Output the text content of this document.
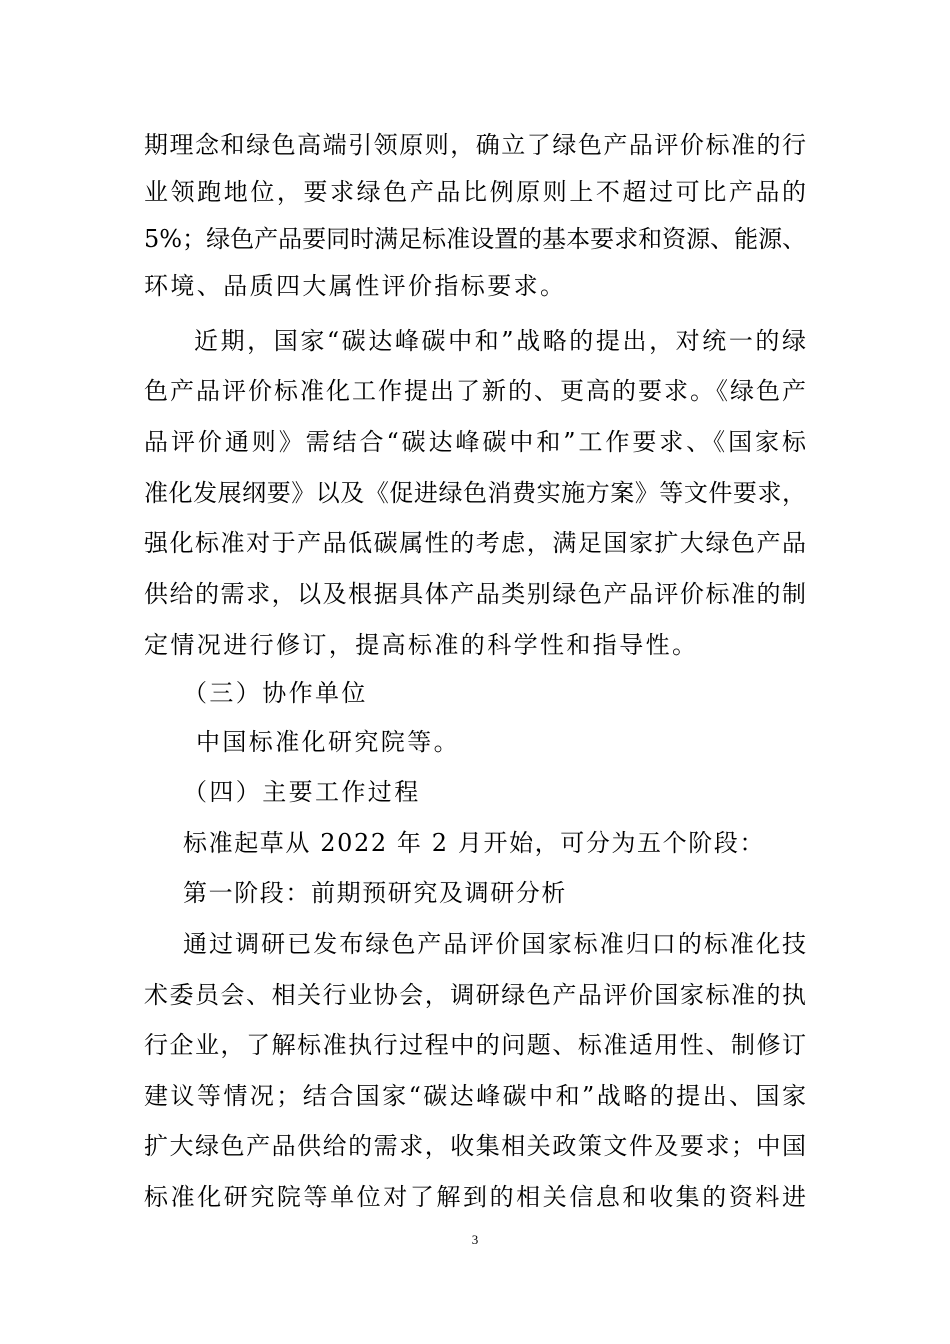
期理念和绿色高端引领原则，确立了绿色产品评价标准的行
业领跑地位，要求绿色产品比例原则上不超过可比产品的
5%；绿色产品要同时满足标准设置的基本要求和资源、能源、
环境、品质四大属性评价指标要求。
近期，国家“碳达峰碳中和”战略的提出，对统一的绿
色产品评价标准化工作提出了新的、更高的要求。《绿色产
品评价通则》需结合“碳达峰碳中和”工作要求、《国家标
准化发展纲要》以及《促进绿色消费实施方案》等文件要求，
强化标准对于产品低碳属性的考虑，满足国家扩大绿色产品
供给的需求，以及根据具体产品类别绿色产品评价标准的制
定情况进行修订，提高标准的科学性和指导性。
（三）协作单位
中国标准化研究院等。
（四）主要工作过程
标准起草从 2022 年 2 月开始，可分为五个阶段：
第一阶段：前期预研究及调研分析
通过调研已发布绿色产品评价国家标准归口的标准化技
术委员会、相关行业协会，调研绿色产品评价国家标准的执
行企业，了解标准执行过程中的问题、标准适用性、制修订
建议等情况；结合国家“碳达峰碳中和”战略的提出、国家
扩大绿色产品供给的需求，收集相关政策文件及要求；中国
标准化研究院等单位对了解到的相关信息和收集的资料进
3
